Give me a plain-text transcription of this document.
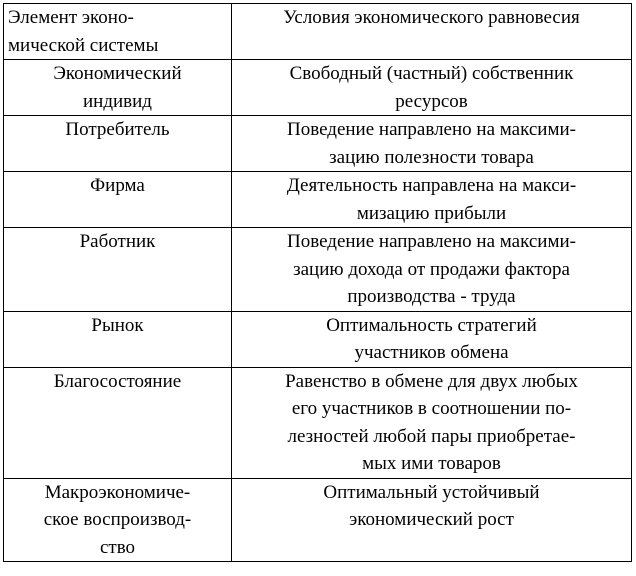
Элемент эконо-
мической системы	Условия экономического равновесия

Экономический
индивид	Свободный (частный) собственник
ресурсов

Потребитель	Поведение направлено на максими-
зацию полезности товара

Фирма	Деятельность направлена на макси-
мизацию прибыли

Работник	Поведение направлено на максими-
зацию дохода от продажи фактора
производства - труда

Рынок	Оптимальность стратегий
участников обмена

Благосостояние	Равенство в обмене для двух любых
его участников в соотношении по-
лезностей любой пары приобретае-
мых ими товаров

Макроэкономиче-
ское воспроизвод-
ство	Оптимальный устойчивый
экономический рост
